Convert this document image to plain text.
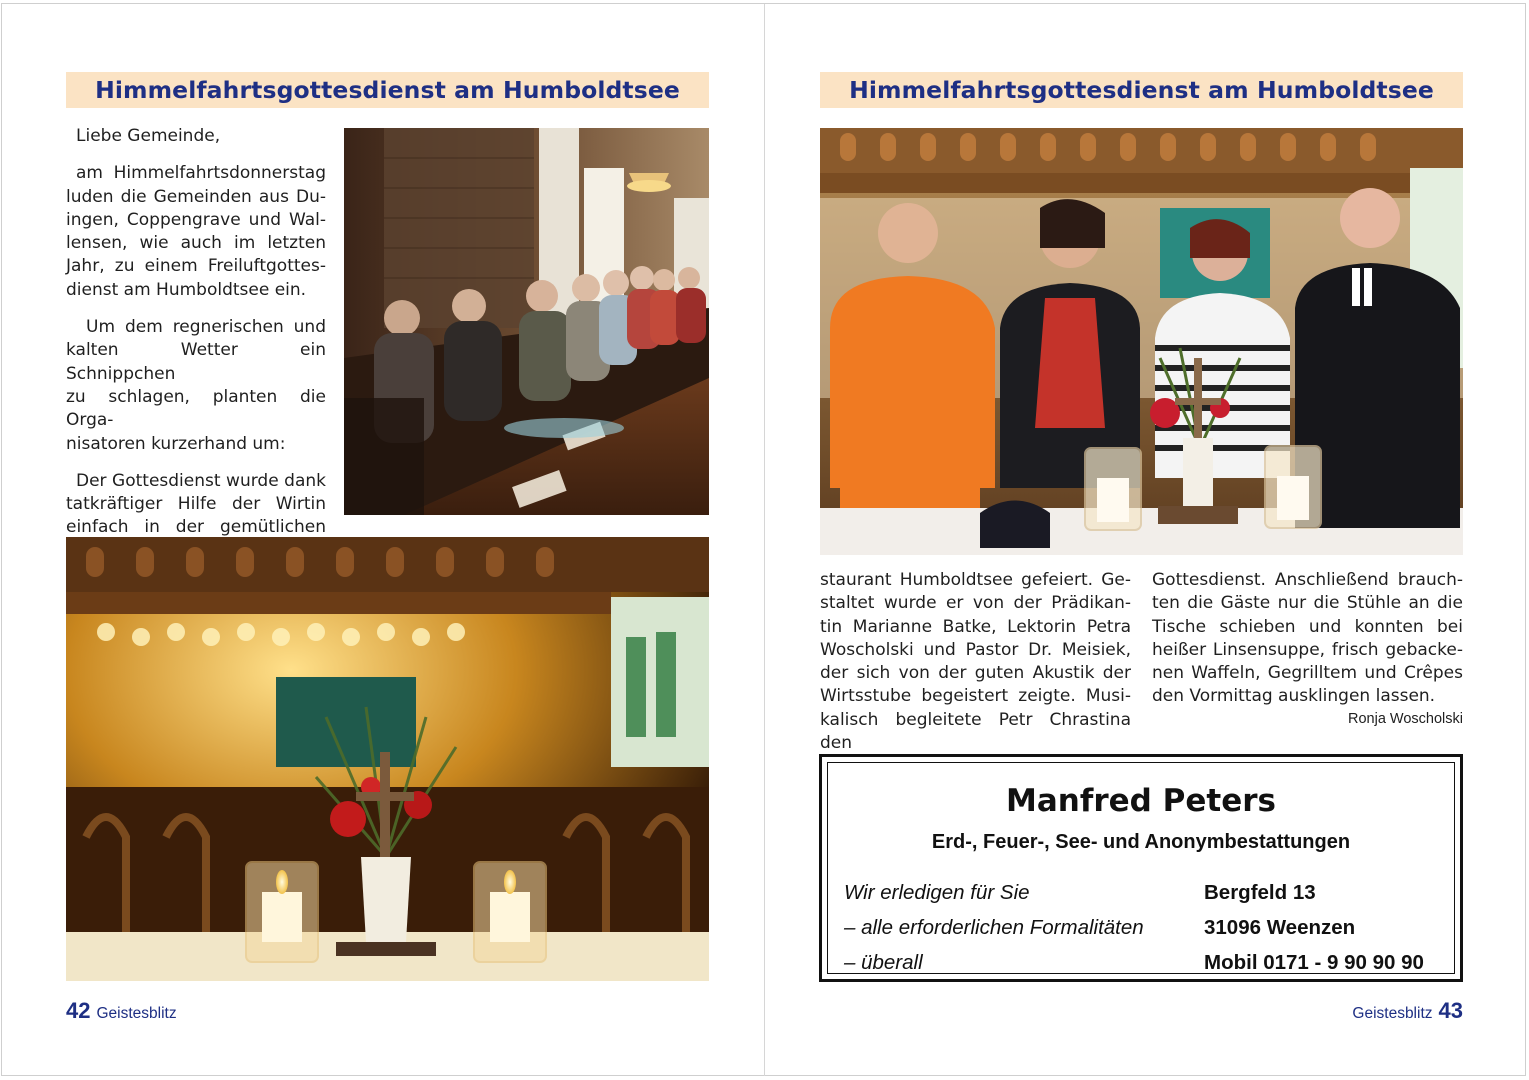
Himmelfahrtsgottesdienst am Humboldtsee

Liebe Gemeinde,

am Himmelfahrtsdonnerstag
luden die Gemeinden aus Du-
ingen, Coppengrave und Wal-
lensen, wie auch im letzten
Jahr, zu einem Freiluftgottes-
dienst am Humboldtsee ein.
Um dem regnerischen und
kalten Wetter ein Schnippchen
zu schlagen, planten die Orga-
nisatoren kurzerhand um:
Der Gottesdienst wurde dank
tatkräftiger Hilfe der Wirtin
einfach in der gemütlichen
42 Geistesblitz
Himmelfahrtsgottesdienst am Humboldtsee
staurant Humboldtsee gefeiert. Ge-
staltet wurde er von der Prädikan-
tin Marianne Batke, Lektorin Petra
Woscholski und Pastor Dr. Meisiek,
der sich von der guten Akustik der
Wirtsstube begeistert zeigte. Musi-
kalisch begleitete Petr Chrastina den
Gottesdienst. Anschließend brauch-
ten die Gäste nur die Stühle an die
Tische schieben und konnten bei
heißer Linsensuppe, frisch gebacke-
nen Waffeln, Gegrilltem und Crêpes
den Vormittag ausklingen lassen.
Ronja Woscholski
Manfred Peters
Erd-, Feuer-, See- und Anonymbestattungen
Wir erledigen für Sie
– alle erforderlichen Formalitäten
– überall
Bergfeld 13
31096 Weenzen
Mobil 0171 - 9 90 90 90
Geistesblitz 43
